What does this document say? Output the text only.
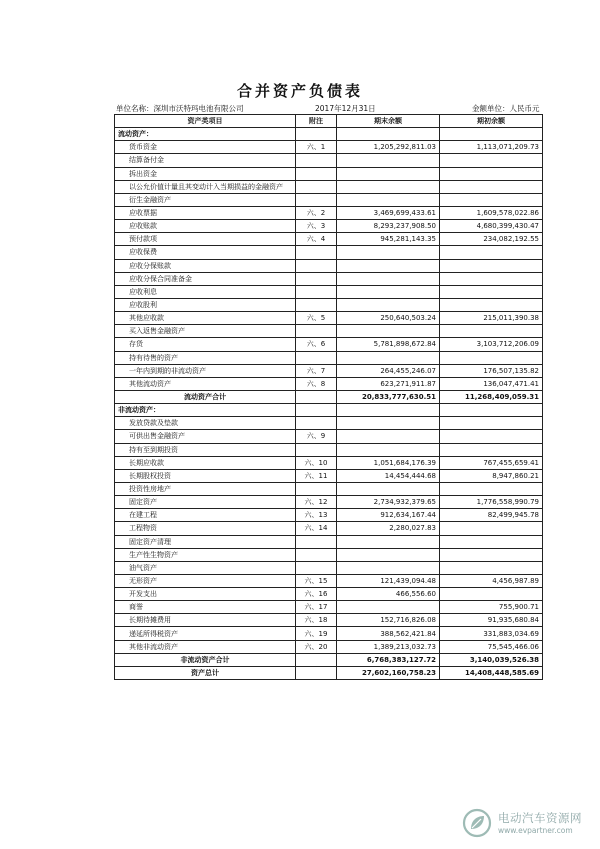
合并资产负债表
单位名称：深圳市沃特玛电池有限公司	2017年12月31日	金额单位：人民币元
资产类项目	附注	期末余额	期初余额
流动资产：			
货币资金	六、1	1,205,292,811.03	1,113,071,209.73
结算备付金			
拆出资金			
以公允价值计量且其变动计入当期损益的金融资产			
衍生金融资产			
应收票据	六、2	3,469,699,433.61	1,609,578,022.86
应收账款	六、3	8,293,237,908.50	4,680,399,430.47
预付款项	六、4	945,281,143.35	234,082,192.55
应收保费			
应收分保账款			
应收分保合同准备金			
应收利息			
应收股利			
其他应收款	六、5	250,640,503.24	215,011,390.38
买入返售金融资产			
存货	六、6	5,781,898,672.84	3,103,712,206.09
持有待售的资产			
一年内到期的非流动资产	六、7	264,455,246.07	176,507,135.82
其他流动资产	六、8	623,271,911.87	136,047,471.41
流动资产合计		20,833,777,630.51	11,268,409,059.31
非流动资产：			
发放贷款及垫款			
可供出售金融资产	六、9		
持有至到期投资			
长期应收款	六、10	1,051,684,176.39	767,455,659.41
长期股权投资	六、11	14,454,444.68	8,947,860.21
投资性房地产			
固定资产	六、12	2,734,932,379.65	1,776,558,990.79
在建工程	六、13	912,634,167.44	82,499,945.78
工程物资	六、14	2,280,027.83	
固定资产清理			
生产性生物资产			
油气资产			
无形资产	六、15	121,439,094.48	4,456,987.89
开发支出	六、16	466,556.60	
商誉	六、17		755,900.71
长期待摊费用	六、18	152,716,826.08	91,935,680.84
递延所得税资产	六、19	388,562,421.84	331,883,034.69
其他非流动资产	六、20	1,389,213,032.73	75,545,466.06
非流动资产合计		6,768,383,127.72	3,140,039,526.38
资产总计		27,602,160,758.23	14,408,448,585.69
电动汽车资源网
www.evpartner.com
